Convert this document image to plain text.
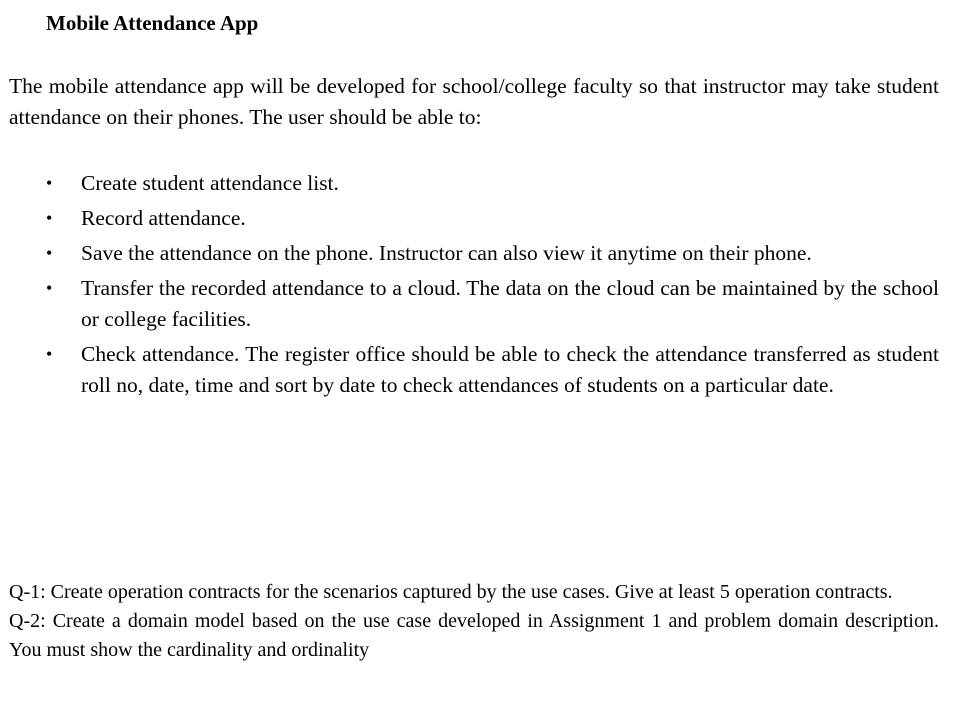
Mobile Attendance App

The mobile attendance app will be developed for school/college faculty so that instructor may take student attendance on their phones. The user should be able to:

•	Create student attendance list.
•	Record attendance.
•	Save the attendance on the phone. Instructor can also view it anytime on their phone.
•	Transfer the recorded attendance to a cloud. The data on the cloud can be maintained by the school or college facilities.
•	Check attendance. The register office should be able to check the attendance transferred as student roll no, date, time and sort by date to check attendances of students on a particular date.

Q-1: Create operation contracts for the scenarios captured by the use cases. Give at least 5 operation contracts.

Q-2: Create a domain model based on the use case developed in Assignment 1 and problem domain description. You must show the cardinality and ordinality
